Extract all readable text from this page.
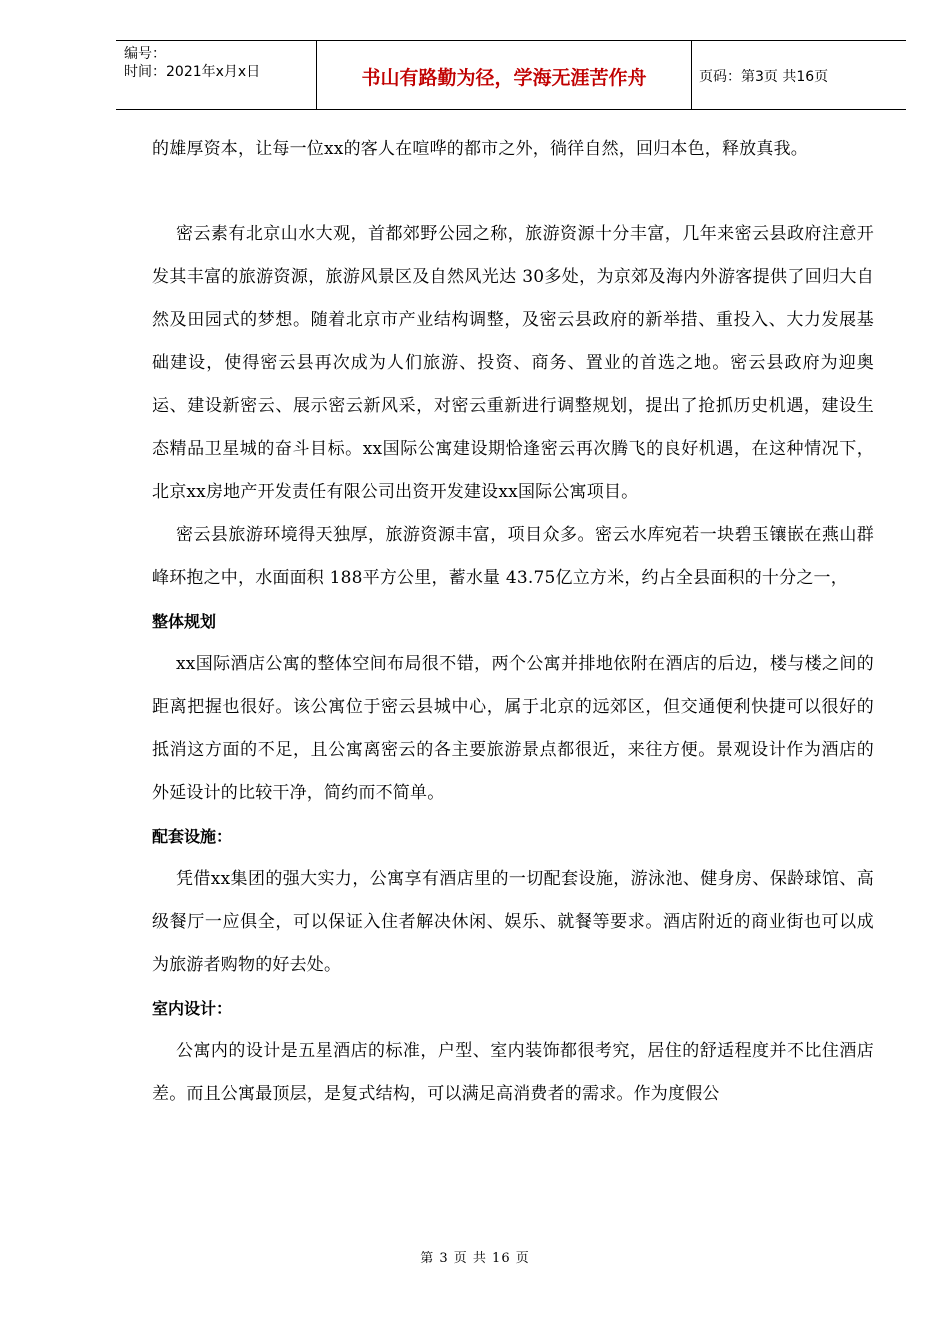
编号：
时间：2021年x月x日	书山有路勤为径，学海无涯苦作舟	页码：第3页 共16页

的雄厚资本，让每一位xx的客人在喧哗的都市之外，徜徉自然，回归本色，释放真我。

密云素有北京山水大观，首都郊野公园之称，旅游资源十分丰富，几年来密云县政府注意开发其丰富的旅游资源，旅游风景区及自然风光达 30多处，为京郊及海内外游客提供了回归大自然及田园式的梦想。随着北京市产业结构调整，及密云县政府的新举措、重投入、大力发展基础建设，使得密云县再次成为人们旅游、投资、商务、置业的首选之地。密云县政府为迎奥运、建设新密云、展示密云新风采，对密云重新进行调整规划，提出了抢抓历史机遇，建设生态精品卫星城的奋斗目标。xx国际公寓建设期恰逢密云再次腾飞的良好机遇，在这种情况下，北京xx房地产开发责任有限公司出资开发建设xx国际公寓项目。

密云县旅游环境得天独厚，旅游资源丰富，项目众多。密云水库宛若一块碧玉镶嵌在燕山群峰环抱之中，水面面积 188平方公里，蓄水量 43.75亿立方米，约占全县面积的十分之一，

整体规划

xx国际酒店公寓的整体空间布局很不错，两个公寓并排地依附在酒店的后边，楼与楼之间的距离把握也很好。该公寓位于密云县城中心，属于北京的远郊区，但交通便利快捷可以很好的抵消这方面的不足，且公寓离密云的各主要旅游景点都很近，来往方便。景观设计作为酒店的外延设计的比较干净，简约而不简单。

配套设施：

凭借xx集团的强大实力，公寓享有酒店里的一切配套设施，游泳池、健身房、保龄球馆、高级餐厅一应俱全，可以保证入住者解决休闲、娱乐、就餐等要求。酒店附近的商业街也可以成为旅游者购物的好去处。

室内设计：

公寓内的设计是五星酒店的标准，户型、室内装饰都很考究，居住的舒适程度并不比住酒店差。而且公寓最顶层，是复式结构，可以满足高消费者的需求。作为度假公

第 3 页 共 16 页
